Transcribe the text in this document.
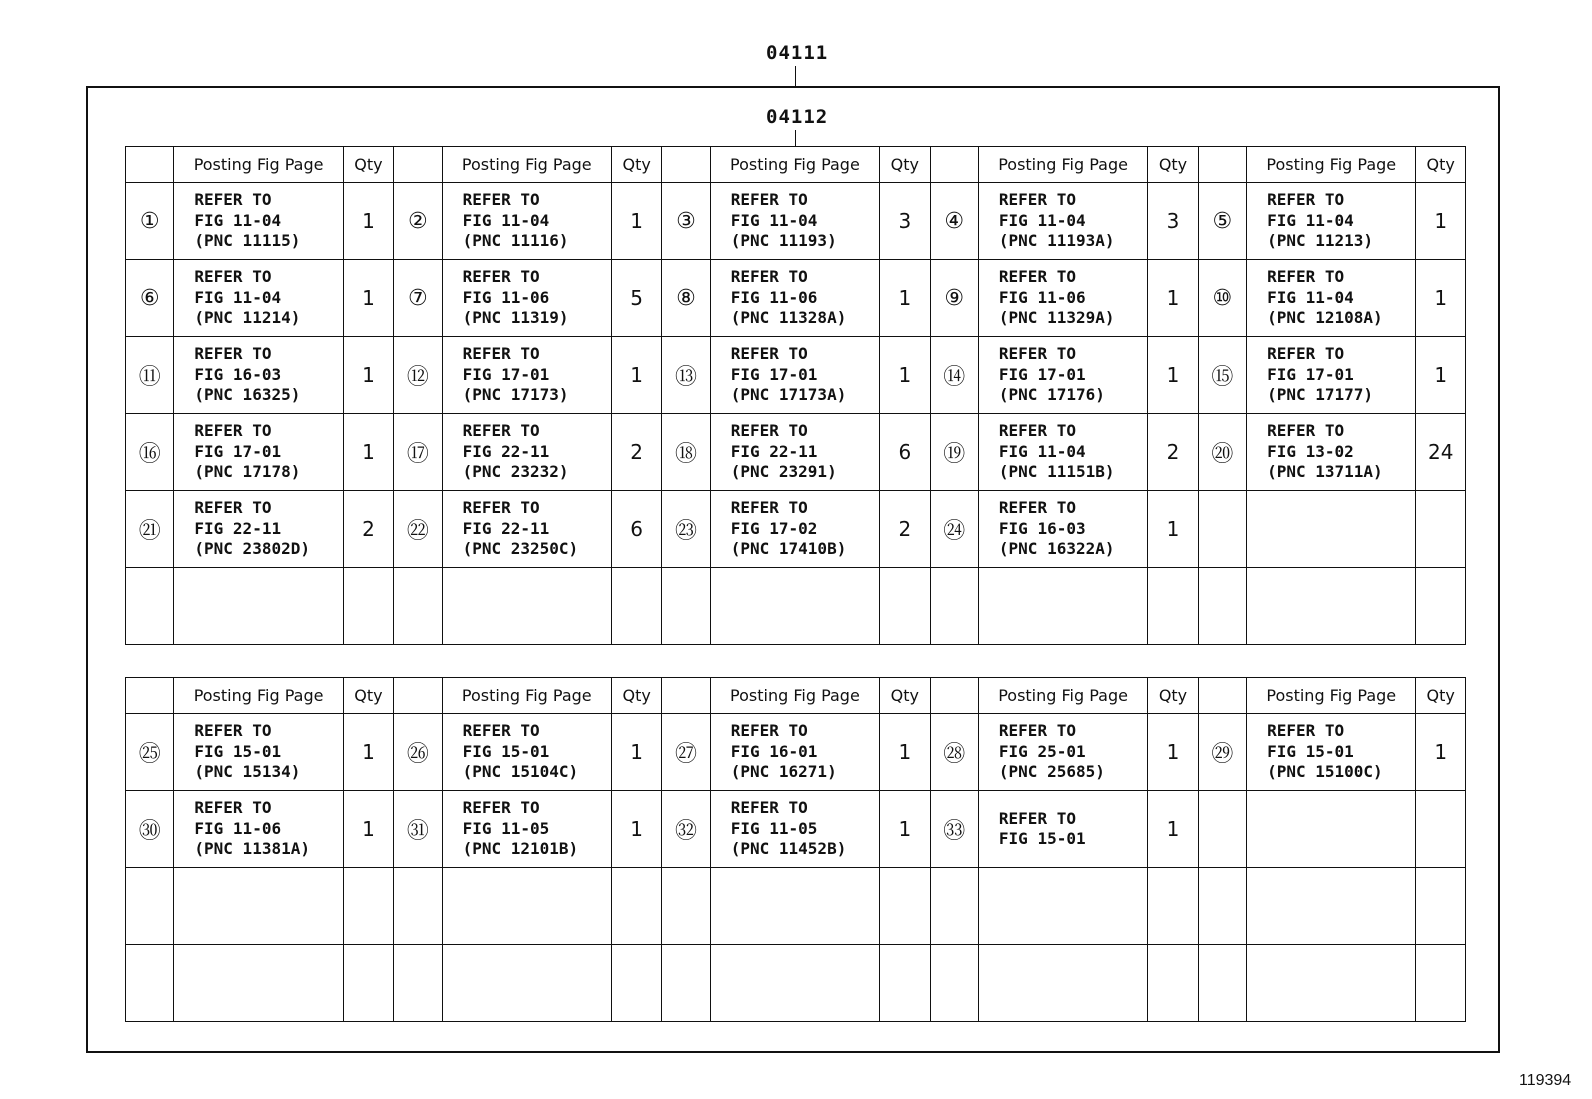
04111
04112
	Posting Fig Page	Qty		Posting Fig Page	Qty		Posting Fig Page	Qty		Posting Fig Page	Qty		Posting Fig Page	Qty
①	REFER TO
FIG 11-04
(PNC 11115)	1	②	REFER TO
FIG 11-04
(PNC 11116)	1	③	REFER TO
FIG 11-04
(PNC 11193)	3	④	REFER TO
FIG 11-04
(PNC 11193A)	3	⑤	REFER TO
FIG 11-04
(PNC 11213)	1
⑥	REFER TO
FIG 11-04
(PNC 11214)	1	⑦	REFER TO
FIG 11-06
(PNC 11319)	5	⑧	REFER TO
FIG 11-06
(PNC 11328A)	1	⑨	REFER TO
FIG 11-06
(PNC 11329A)	1	⑩	REFER TO
FIG 11-04
(PNC 12108A)	1
⑪	REFER TO
FIG 16-03
(PNC 16325)	1	⑫	REFER TO
FIG 17-01
(PNC 17173)	1	⑬	REFER TO
FIG 17-01
(PNC 17173A)	1	⑭	REFER TO
FIG 17-01
(PNC 17176)	1	⑮	REFER TO
FIG 17-01
(PNC 17177)	1
⑯	REFER TO
FIG 17-01
(PNC 17178)	1	⑰	REFER TO
FIG 22-11
(PNC 23232)	2	⑱	REFER TO
FIG 22-11
(PNC 23291)	6	⑲	REFER TO
FIG 11-04
(PNC 11151B)	2	⑳	REFER TO
FIG 13-02
(PNC 13711A)	24
㉑	REFER TO
FIG 22-11
(PNC 23802D)	2	㉒	REFER TO
FIG 22-11
(PNC 23250C)	6	㉓	REFER TO
FIG 17-02
(PNC 17410B)	2	㉔	REFER TO
FIG 16-03
(PNC 16322A)	1		

	Posting Fig Page	Qty		Posting Fig Page	Qty		Posting Fig Page	Qty		Posting Fig Page	Qty		Posting Fig Page	Qty
㉕	REFER TO
FIG 15-01
(PNC 15134)	1	㉖	REFER TO
FIG 15-01
(PNC 15104C)	1	㉗	REFER TO
FIG 16-01
(PNC 16271)	1	㉘	REFER TO
FIG 25-01
(PNC 25685)	1	㉙	REFER TO
FIG 15-01
(PNC 15100C)	1
㉚	REFER TO
FIG 11-06
(PNC 11381A)	1	㉛	REFER TO
FIG 11-05
(PNC 12101B)	1	㉜	REFER TO
FIG 11-05
(PNC 11452B)	1	㉝	REFER TO
FIG 15-01	1		

119394
